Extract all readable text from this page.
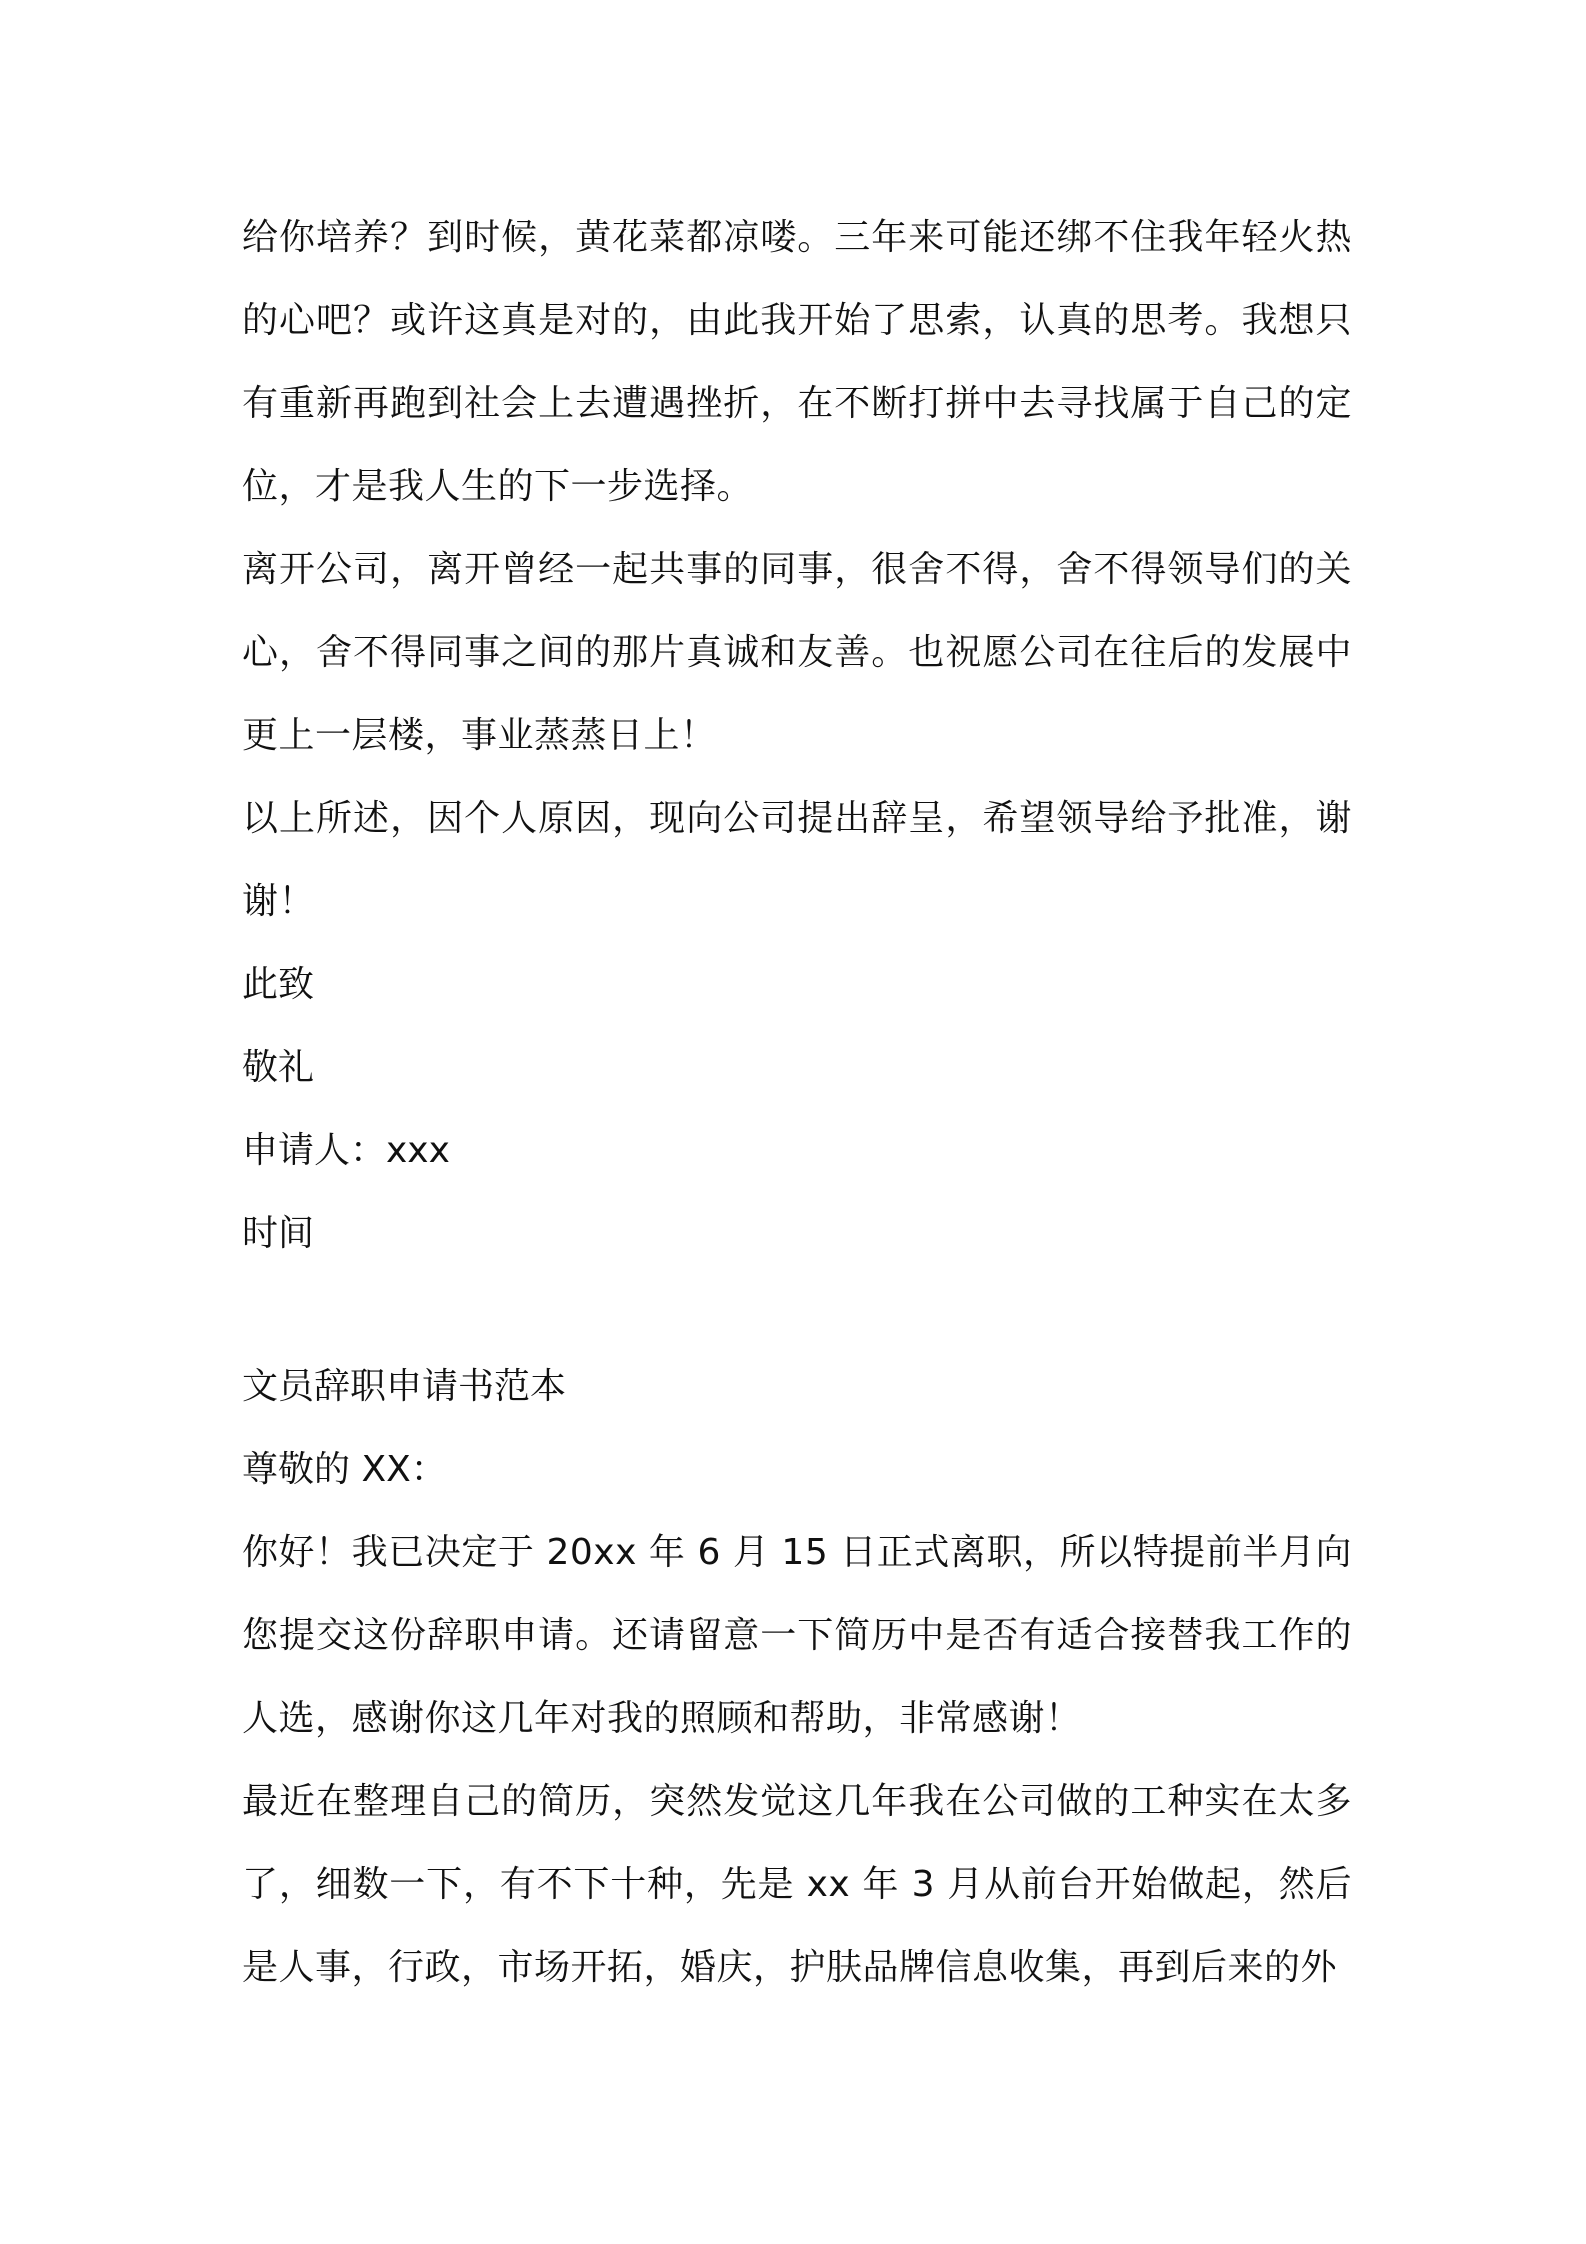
给你培养？到时候，黄花菜都凉喽。三年来可能还绑不住我年轻火热的心吧？或许这真是对的，由此我开始了思索，认真的思考。我想只有重新再跑到社会上去遭遇挫折，在不断打拼中去寻找属于自己的定位，才是我人生的下一步选择。

离开公司，离开曾经一起共事的同事，很舍不得，舍不得领导们的关心，舍不得同事之间的那片真诚和友善。也祝愿公司在往后的发展中更上一层楼，事业蒸蒸日上！

以上所述，因个人原因，现向公司提出辞呈，希望领导给予批准，谢谢！

此致

敬礼

申请人：xxx

时间

文员辞职申请书范本

尊敬的 XX：

你好！我已决定于 20xx 年 6 月 15 日正式离职，所以特提前半月向您提交这份辞职申请。还请留意一下简历中是否有适合接替我工作的人选，感谢你这几年对我的照顾和帮助，非常感谢！

最近在整理自己的简历，突然发觉这几年我在公司做的工种实在太多了，细数一下，有不下十种，先是 xx 年 3 月从前台开始做起，然后是人事，行政，市场开拓，婚庆，护肤品牌信息收集，再到后来的外
